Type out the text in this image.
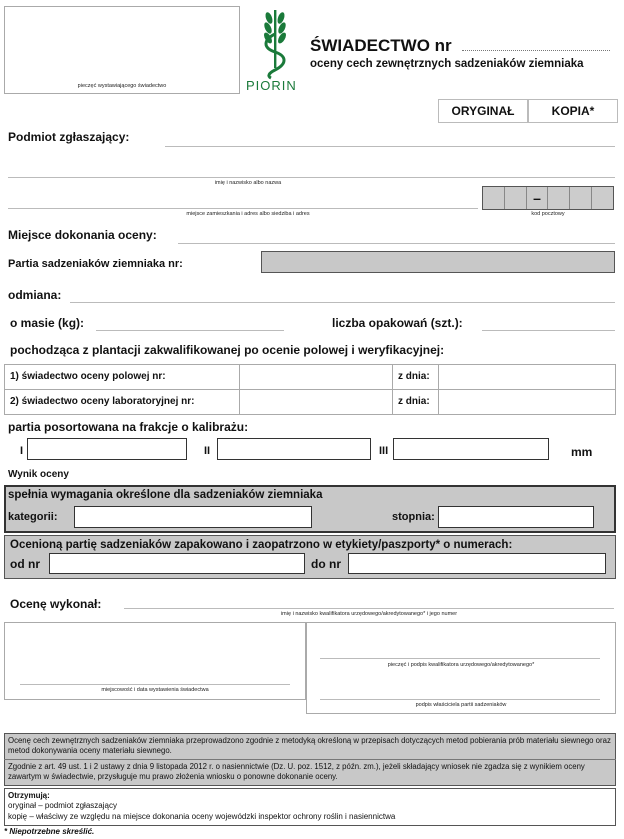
pieczęć wystawiającego świadectwo	PIORIN
ŚWIADECTWO nr
oceny cech zewnętrznych sadzeniaków ziemniaka
ORYGINAŁ	KOPIA*
Podmiot zgłaszający:
imię i nazwisko albo nazwa
miejsce zamieszkania i adres albo siedziba i adres
–
kod pocztowy
Miejsce dokonania oceny:
Partia sadzeniaków ziemniaka nr:
odmiana:
o masie (kg):	liczba opakowań (szt.):
pochodząca z plantacji zakwalifikowanej po ocenie polowej i weryfikacyjnej:
1) świadectwo oceny polowej nr:	z dnia:
2) świadectwo oceny laboratoryjnej nr:	z dnia:
partia posortowana na frakcje o kalibrażu:
I	II	III	mm
Wynik oceny
spełnia wymagania określone dla sadzeniaków ziemniaka
kategorii:	stopnia:
Ocenioną partię sadzeniaków zapakowano i zaopatrzono w etykiety/paszporty* o numerach:
od nr	do nr
Ocenę wykonał:
imię i nazwisko kwalifikatora urzędowego/akredytowanego* i jego numer
miejscowość i data wystawienia świadectwa
pieczęć i podpis kwalifikatora urzędowego/akredytowanego*
podpis właściciela partii sadzeniaków
Ocenę cech zewnętrznych sadzeniaków ziemniaka przeprowadzono zgodnie z metodyką określoną w przepisach dotyczących metod pobierania prób materiału siewnego oraz metod dokonywania oceny materiału siewnego.
Zgodnie z art. 49 ust. 1 i 2 ustawy z dnia 9 listopada 2012 r. o nasiennictwie (Dz. U. poz. 1512, z późn. zm.), jeżeli składający wniosek nie zgadza się z wynikiem oceny zawartym w świadectwie, przysługuje mu prawo złożenia wniosku o ponowne dokonanie oceny.
Otrzymują:
oryginał – podmiot zgłaszający
kopię – właściwy ze względu na miejsce dokonania oceny wojewódzki inspektor ochrony roślin i nasiennictwa
* Niepotrzebne skreślić.
